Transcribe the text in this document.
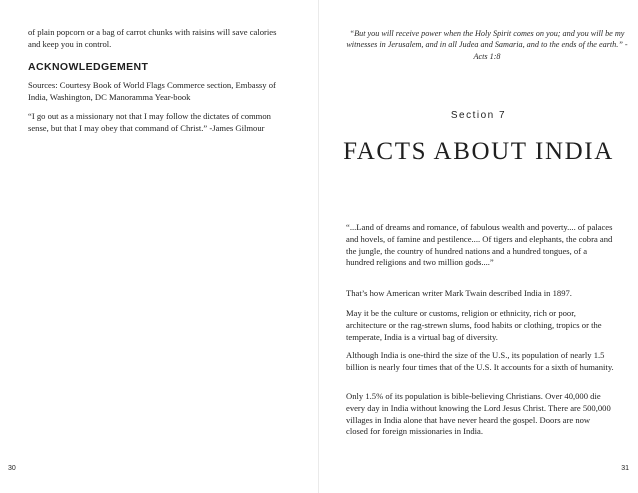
of plain popcorn or a bag of carrot chunks with raisins will save calories and keep you in control.

ACKNOWLEDGEMENT

Sources: Courtesy Book of World Flags Commerce section, Embassy of India, Washington, DC Manoramma Year-book

“I go out as a missionary not that I may follow the dictates of common sense, but that I may obey that command of Christ.” -James Gilmour

30

“But you will receive power when the Holy Spirit comes on you; and you will be my witnesses in Jerusalem, and in all Judea and Samaria, and to the ends of the earth.” -Acts 1:8

Section 7

FACTS ABOUT INDIA

“...Land of dreams and romance, of fabulous wealth and poverty.... of palaces and hovels, of famine and pestilence.... Of tigers and elephants, the cobra and the jungle, the country of hundred nations and a hundred tongues, of a hundred religions and two million gods....”

That’s how American writer Mark Twain described India in 1897.

May it be the culture or customs, religion or ethnicity, rich or poor, architecture or the rag-strewn slums, food habits or clothing, tropics or the temperate, India is a virtual bag of diversity.

Although India is one-third the size of the U.S., its population of nearly 1.5 billion is nearly four times that of the U.S. It accounts for a sixth of humanity.

Only 1.5% of its population is bible-believing Christians. Over 40,000 die every day in India without knowing the Lord Jesus Christ. There are 500,000 villages in India alone that have never heard the gospel. Doors are now closed for foreign missionaries in India.

31
